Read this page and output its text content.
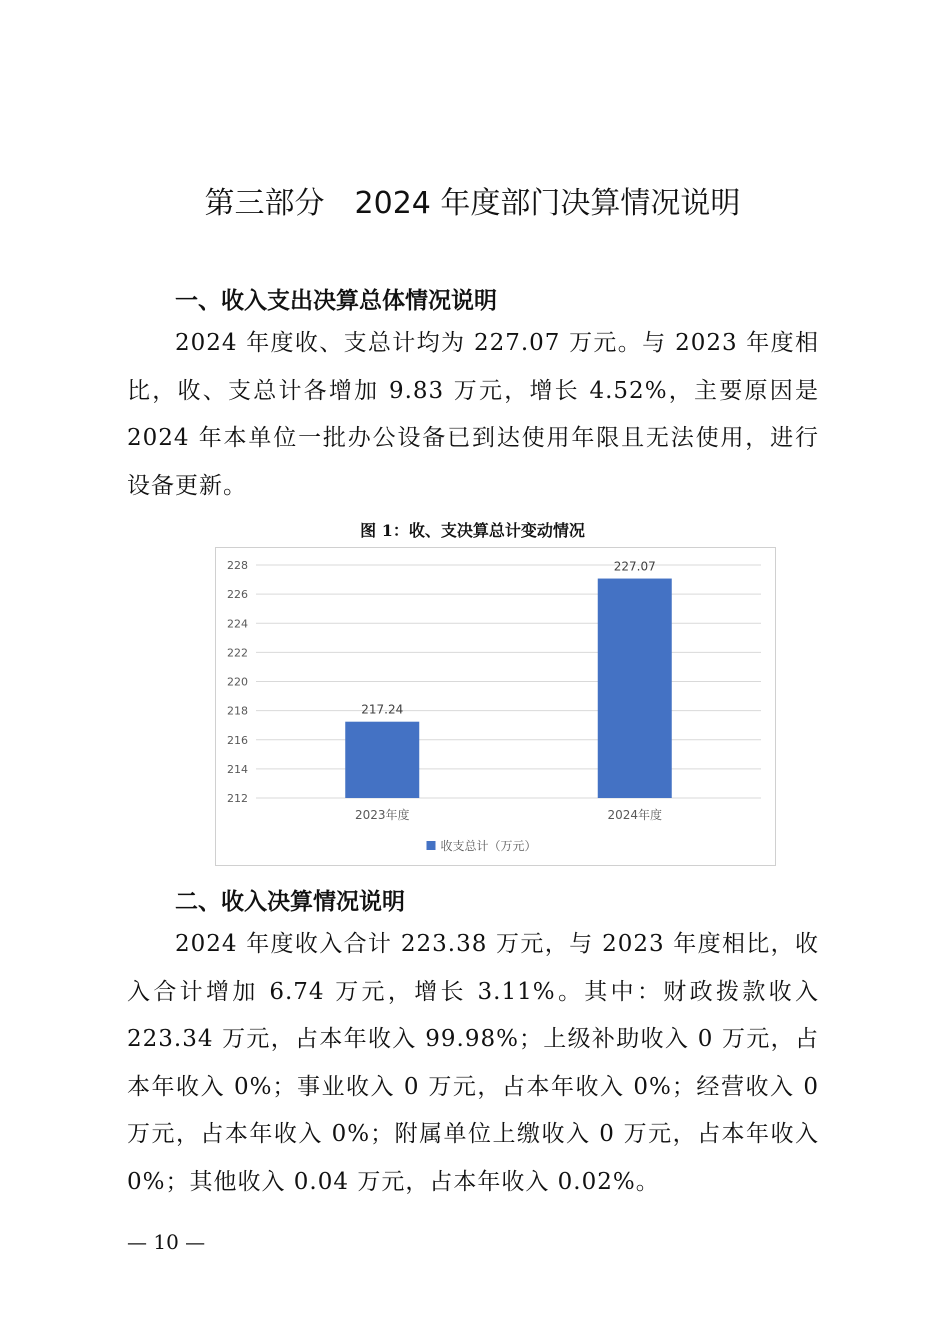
第三部分　2024 年度部门决算情况说明
一、收入支出决算总体情况说明
2024 年度收、支总计均为 227.07 万元。与 2023 年度相比，收、支总计各增加 9.83 万元，增长 4.52%，主要原因是 2024 年本单位一批办公设备已到达使用年限且无法使用，进行设备更新。
图 1：收、支决算总计变动情况
212
214
216
218
220
222
224
226
228
217.24
2023年度
227.07
2024年度
收支总计（万元）
二、收入决算情况说明
2024 年度收入合计 223.38 万元，与 2023 年度相比，收入合计增加 6.74 万元，增长 3.11%。其中：财政拨款收入 223.34 万元，占本年收入 99.98%；上级补助收入 0 万元，占本年收入 0%；事业收入 0 万元，占本年收入 0%；经营收入 0 万元，占本年收入 0%；附属单位上缴收入 0 万元，占本年收入 0%；其他收入 0.04 万元，占本年收入 0.02%。
— 10 —
